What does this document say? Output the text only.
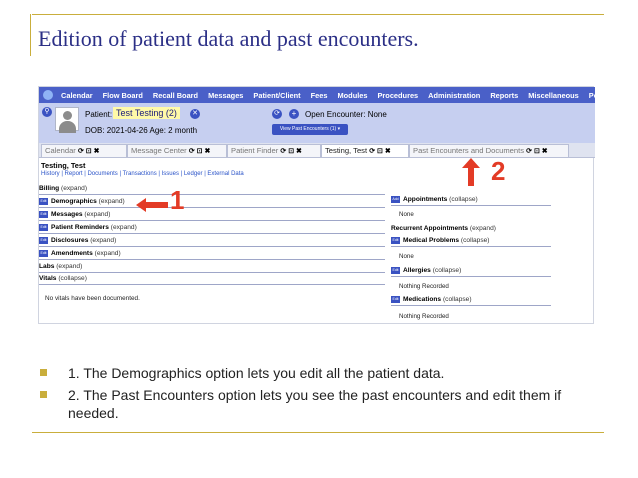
Edition of patient data and past encounters.
Calendar Flow Board Recall Board Messages Patient/Client Fees Modules Procedures Administration Reports Miscellaneous Popups
⚲	Patient: Test Testing (2)	✕
DOB: 2021-04-26 Age: 2 month
⟳	+	Open Encounter: None
View Past Encounters (1) ▾
Calendar ⟳ ⊡ ✖	Message Center ⟳ ⊡ ✖	Patient Finder ⟳ ⊡ ✖	Testing, Test ⟳ ⊡ ✖	Past Encounters and Documents ⟳ ⊡ ✖
Testing, Test
History | Report | Documents | Transactions | Issues | Ledger | External Data
Billing (expand)
Edit Demographics (expand)
Edit Messages (expand)
Edit Patient Reminders (expand)
Edit Disclosures (expand)
Edit Amendments (expand)
Labs (expand)
Vitals (collapse)
No vitals have been documented.
Add Appointments (collapse)
None
Recurrent Appointments (expand)
Edit Medical Problems (collapse)
None
Edit Allergies (collapse)
Nothing Recorded
Edit Medications (collapse)
Nothing Recorded
1
2
1. The Demographics option lets you edit all the patient data.
2. The Past Encounters option lets you see the past encounters and edit them if needed.
